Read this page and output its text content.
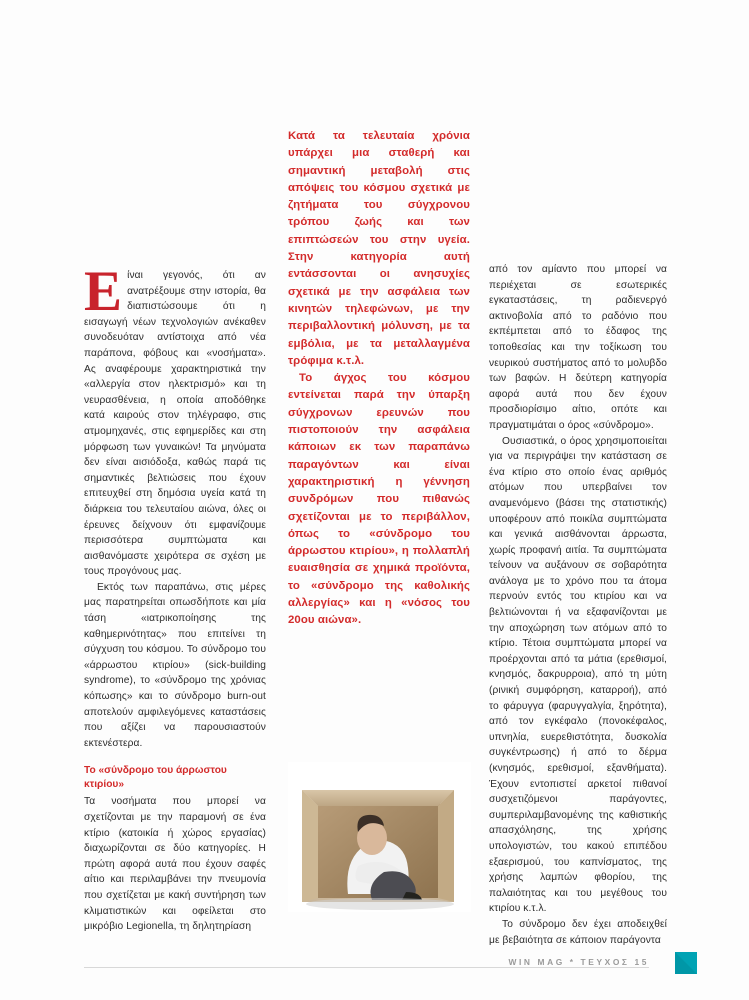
Είναι γεγονός, ότι αν ανατρέξουμε στην ιστορία, θα διαπιστώσουμε ότι η εισαγωγή νέων τεχνολογιών ανέκαθεν συνοδευόταν αντίστοιχα από νέα παράπονα, φόβους και «νοσήματα». Ας αναφέρουμε χαρακτηριστικά την «αλλεργία στον ηλεκτρισμό» και τη νευρασθένεια, η οποία αποδόθηκε κατά καιρούς στον τηλέγραφο, στις ατμομηχανές, στις εφημερίδες και στη μόρφωση των γυναικών! Τα μηνύματα δεν είναι αισιόδοξα, καθώς παρά τις σημαντικές βελτιώσεις που έχουν επιτευχθεί στη δημόσια υγεία κατά τη διάρκεια του τελευταίου αιώνα, όλες οι έρευνες δείχνουν ότι εμφανίζουμε περισσότερα συμπτώματα και αισθανόμαστε χειρότερα σε σχέση με τους προγόνους μας.

Εκτός των παραπάνω, στις μέρες μας παρατηρείται οπωσδήποτε και μία τάση «ιατρικοποίησης της καθημερινότητας» που επιτείνει τη σύγχυση του κόσμου. Το σύνδρομο του «άρρωστου κτιρίου» (sick-building syndrome), το «σύνδρομο της χρόνιας κόπωσης» και το σύνδρομο burn-out αποτελούν αμφιλεγόμενες καταστάσεις που αξίζει να παρουσιαστούν εκτενέστερα.

Το «σύνδρομο του άρρωστου κτιρίου»

Τα νοσήματα που μπορεί να σχετίζονται με την παραμονή σε ένα κτίριο (κατοικία ή χώρος εργασίας) διαχωρίζονται σε δύο κατηγορίες. Η πρώτη αφορά αυτά που έχουν σαφές αίτιο και περιλαμβάνει την πνευμονία που σχετίζεται με κακή συντήρηση των κλιματιστικών και οφείλεται στο μικρόβιο Legionella, τη δηλητηρίαση

Κατά τα τελευταία χρόνια υπάρχει μια σταθερή και σημαντική μεταβολή στις απόψεις του κόσμου σχετικά με ζητήματα του σύγχρονου τρόπου ζωής και των επιπτώσεών του στην υγεία. Στην κατηγορία αυτή εντάσσονται οι ανησυχίες σχετικά με την ασφάλεια των κινητών τηλεφώνων, με την περιβαλλοντική μόλυνση, με τα εμβόλια, με τα μεταλλαγμένα τρόφιμα κ.τ.λ.

Το άγχος του κόσμου εντείνεται παρά την ύπαρξη σύγχρονων ερευνών που πιστοποιούν την ασφάλεια κάποιων εκ των παραπάνω παραγόντων και είναι χαρακτηριστική η γέννηση συνδρόμων που πιθανώς σχετίζονται με το περιβάλλον, όπως το «σύνδρομο του άρρωστου κτιρίου», η πολλαπλή ευαισθησία σε χημικά προϊόντα, το «σύνδρομο της καθολικής αλλεργίας» και η «νόσος του 20ου αιώνα».

από τον αμίαντο που μπορεί να περιέχεται σε εσωτερικές εγκαταστάσεις, τη ραδιενεργό ακτινοβολία από το ραδόνιο που εκπέμπεται από το έδαφος της τοποθεσίας και την τοξίκωση του νευρικού συστήματος από το μολυβδο των βαφών. Η δεύτερη κατηγορία αφορά αυτά που δεν έχουν προσδιορίσιμο αίτιο, οπότε και πραγματιμάται ο όρος «σύνδρομο».

Ουσιαστικά, ο όρος χρησιμοποιείται για να περιγράψει την κατάσταση σε ένα κτίριο στο οποίο ένας αριθμός ατόμων που υπερβαίνει τον αναμενόμενο (βάσει της στατιστικής) υποφέρουν από ποικίλα συμπτώματα και γενικά αισθάνονται άρρωστα, χωρίς προφανή αιτία. Τα συμπτώματα τείνουν να αυξάνουν σε σοβαρότητα ανάλογα με το χρόνο που τα άτομα περνούν εντός του κτιρίου και να βελτιώνονται ή να εξαφανίζονται με την αποχώρηση των ατόμων από το κτίριο. Τέτοια συμπτώματα μπορεί να προέρχονται από τα μάτια (ερεθισμοί, κνησμός, δακρυρροια), από τη μύτη (ρινική συμφόρηση, καταρροή), από το φάρυγγα (φαρυγγαλγία, ξηρότητα), από τον εγκέφαλο (πονοκέφαλος, υπνηλία, ευερεθιστότητα, δυσκολία συγκέντρωσης) ή από το δέρμα (κνησμός, ερεθισμοί, εξανθήματα). Έχουν εντοπιστεί αρκετοί πιθανοί συσχετιζόμενοι παράγοντες, συμπεριλαμβανομένης της καθιστικής απασχόλησης, της χρήσης υπολογιστών, του κακού επιπέδου εξαερισμού, του καπνίσματος, της χρήσης λαμπών φθορίου, της παλαιότητας και του μεγέθους του κτιρίου κ.τ.λ.

Το σύνδρομο δεν έχει αποδειχθεί με βεβαιότητα σε κάποιον παράγοντα

WIN MAG * ΤΕΥΧΟΣ 15
